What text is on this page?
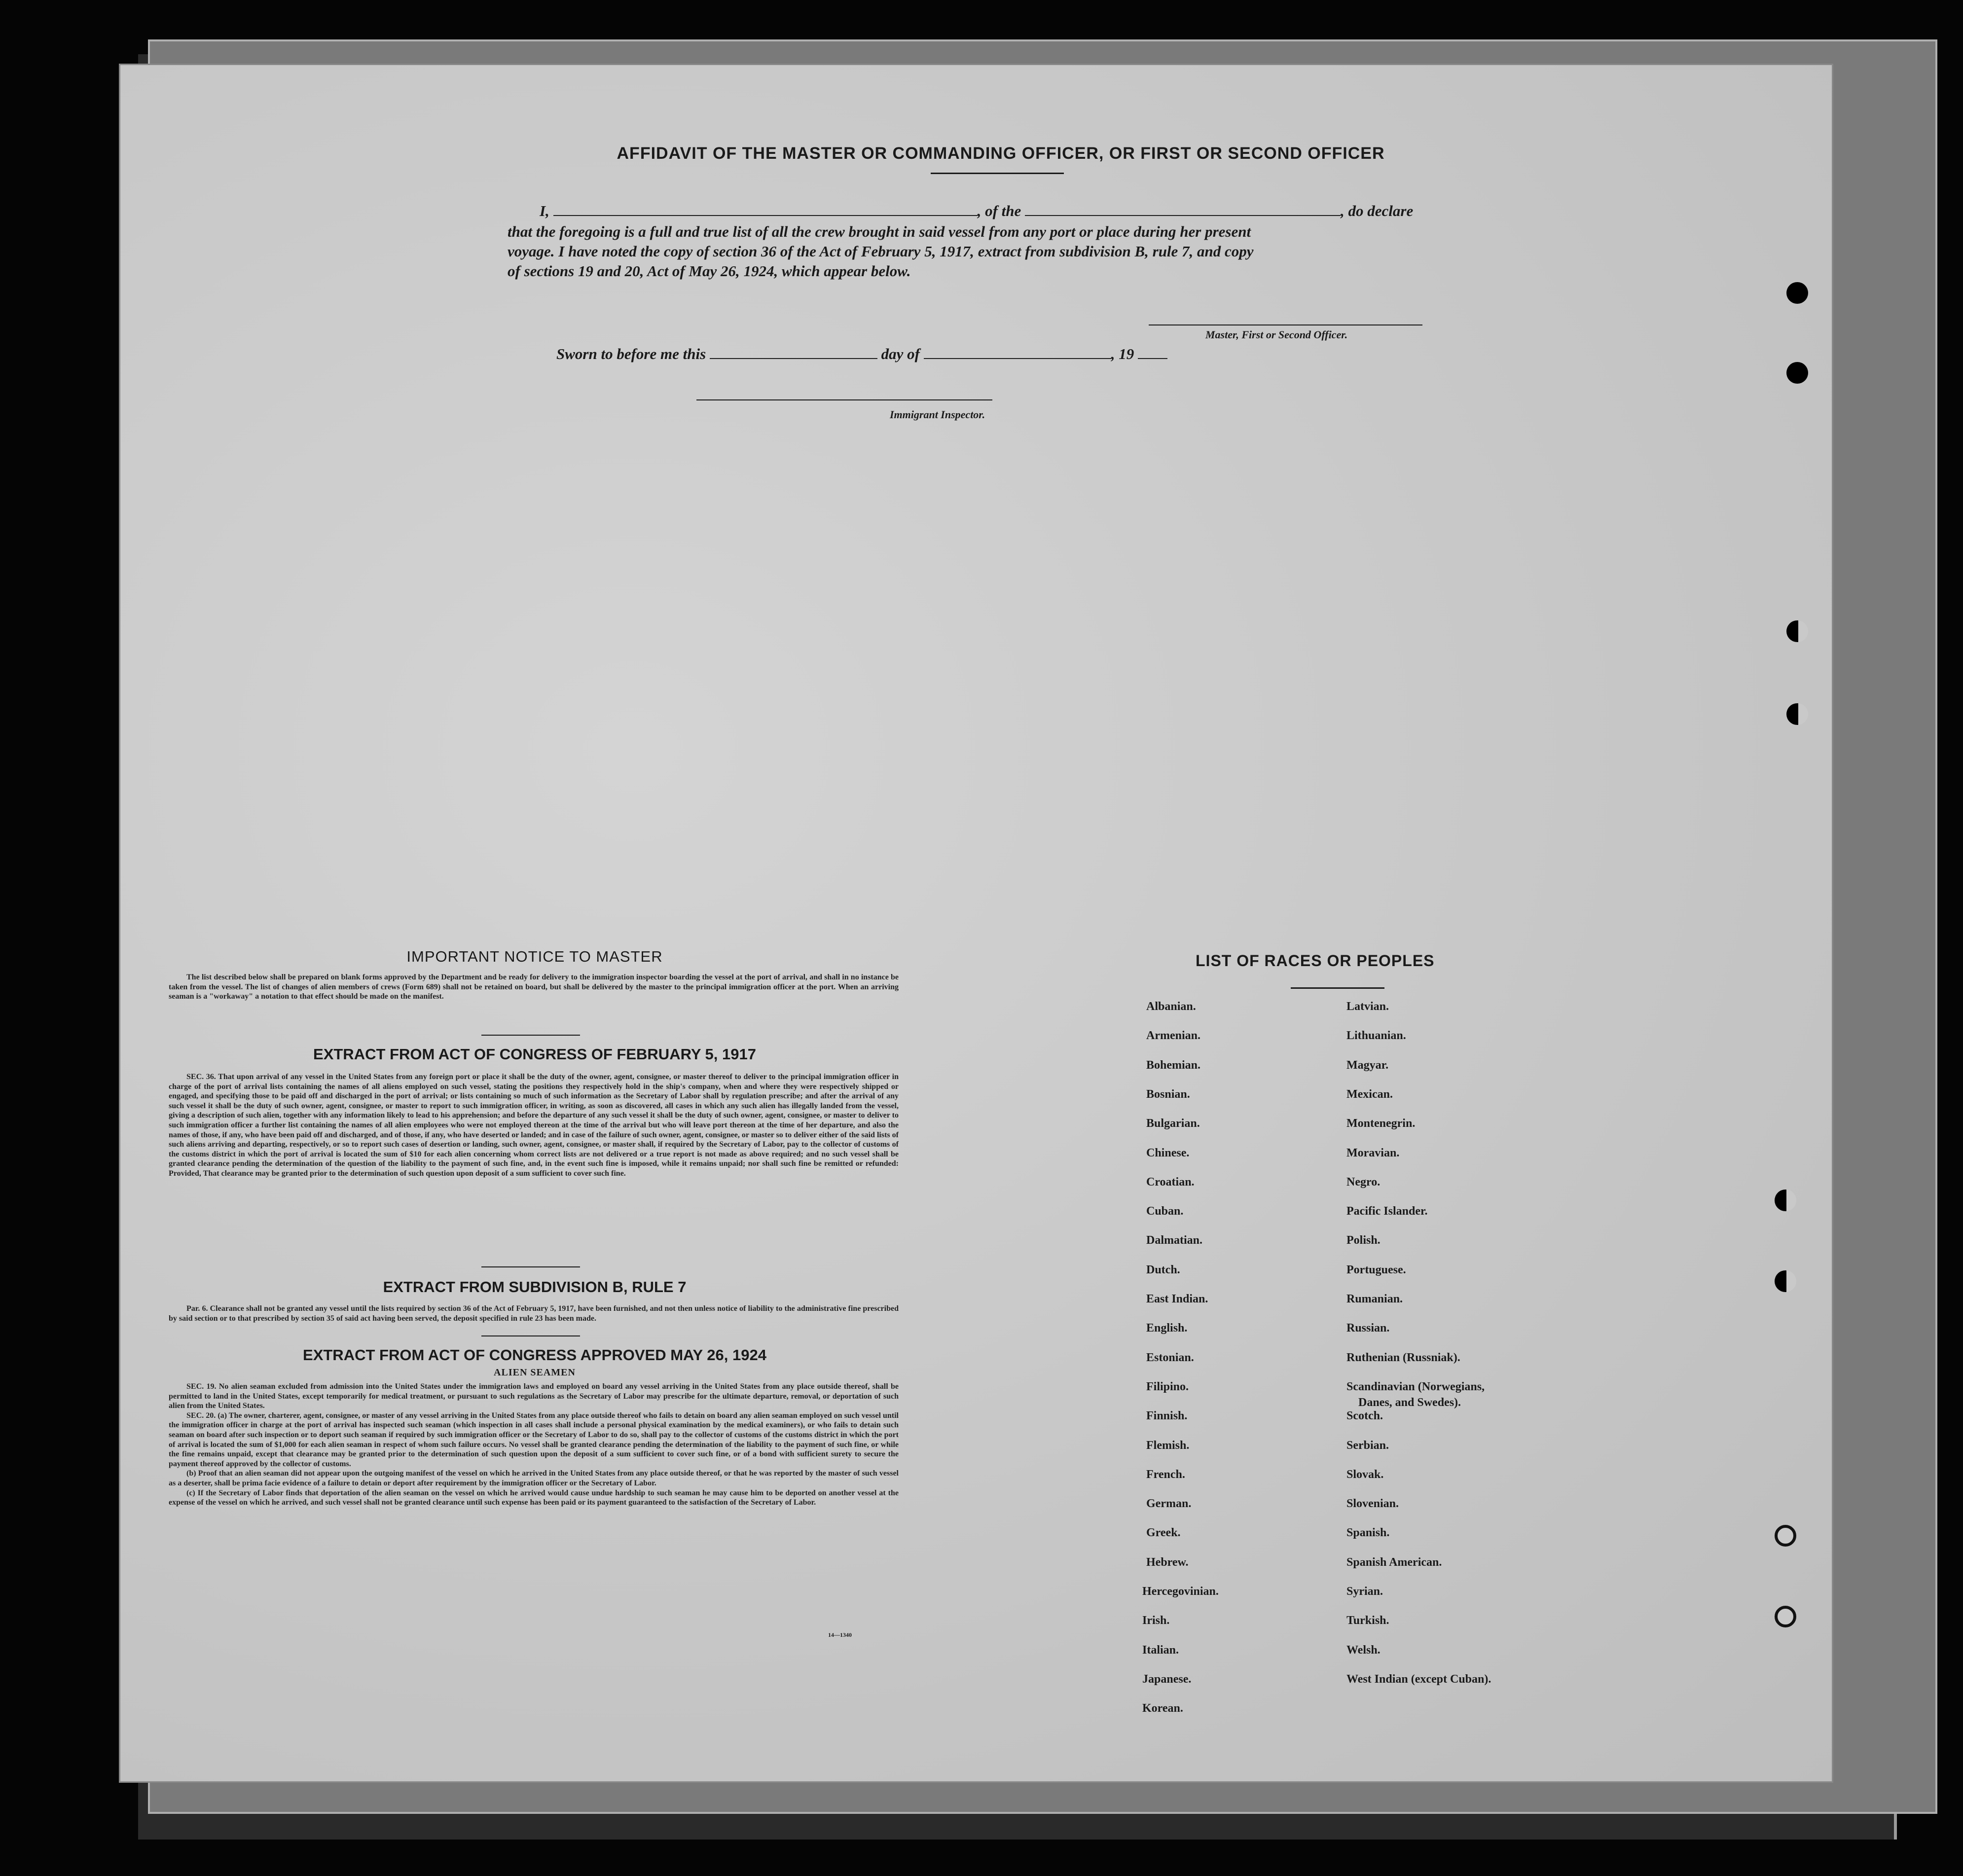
AFFIDAVIT OF THE MASTER OR COMMANDING OFFICER, OR FIRST OR SECOND OFFICER
I,	, of the	, do declare
that the foregoing is a full and true list of all the crew brought in said vessel from any port or place during her present
voyage. I have noted the copy of section 36 of the Act of February 5, 1917, extract from subdivision B, rule 7, and copy
of sections 19 and 20, Act of May 26, 1924, which appear below.
Master, First or Second Officer.
Sworn to before me this	day of	, 19
Immigrant Inspector.
IMPORTANT NOTICE TO MASTER

The list described below shall be prepared on blank forms approved by the Department and be ready for delivery to the immigration inspector boarding the vessel at the port of arrival, and shall in no instance be taken from the vessel. The list of changes of alien members of crews (Form 689) shall not be retained on board, but shall be delivered by the master to the principal immigration officer at the port. When an arriving seaman is a "workaway" a notation to that effect should be made on the manifest.

EXTRACT FROM ACT OF CONGRESS OF FEBRUARY 5, 1917

SEC. 36. That upon arrival of any vessel in the United States from any foreign port or place it shall be the duty of the owner, agent, consignee, or master thereof to deliver to the principal immigration officer in charge of the port of arrival lists containing the names of all aliens employed on such vessel, stating the positions they respectively hold in the ship's company, when and where they were respectively shipped or engaged, and specifying those to be paid off and discharged in the port of arrival; or lists containing so much of such information as the Secretary of Labor shall by regulation prescribe; and after the arrival of any such vessel it shall be the duty of such owner, agent, consignee, or master to report to such immigration officer, in writing, as soon as discovered, all cases in which any such alien has illegally landed from the vessel, giving a description of such alien, together with any information likely to lead to his apprehension; and before the departure of any such vessel it shall be the duty of such owner, agent, consignee, or master to deliver to such immigration officer a further list containing the names of all alien employees who were not employed thereon at the time of the arrival but who will leave port thereon at the time of her departure, and also the names of those, if any, who have been paid off and discharged, and of those, if any, who have deserted or landed; and in case of the failure of such owner, agent, consignee, or master so to deliver either of the said lists of such aliens arriving and departing, respectively, or so to report such cases of desertion or landing, such owner, agent, consignee, or master shall, if required by the Secretary of Labor, pay to the collector of customs of the customs district in which the port of arrival is located the sum of $10 for each alien concerning whom correct lists are not delivered or a true report is not made as above required; and no such vessel shall be granted clearance pending the determination of the question of the liability to the payment of such fine, and, in the event such fine is imposed, while it remains unpaid; nor shall such fine be remitted or refunded: Provided, That clearance may be granted prior to the determination of such question upon deposit of a sum sufficient to cover such fine.

EXTRACT FROM SUBDIVISION B, RULE 7

Par. 6. Clearance shall not be granted any vessel until the lists required by section 36 of the Act of February 5, 1917, have been furnished, and not then unless notice of liability to the administrative fine prescribed by said section or to that prescribed by section 35 of said act having been served, the deposit specified in rule 23 has been made.

EXTRACT FROM ACT OF CONGRESS APPROVED MAY 26, 1924
ALIEN SEAMEN

SEC. 19. No alien seaman excluded from admission into the United States under the immigration laws and employed on board any vessel arriving in the United States from any place outside thereof, shall be permitted to land in the United States, except temporarily for medical treatment, or pursuant to such regulations as the Secretary of Labor may prescribe for the ultimate departure, removal, or deportation of such alien from the United States.

SEC. 20. (a) The owner, charterer, agent, consignee, or master of any vessel arriving in the United States from any place outside thereof who fails to detain on board any alien seaman employed on such vessel until the immigration officer in charge at the port of arrival has inspected such seaman (which inspection in all cases shall include a personal physical examination by the medical examiners), or who fails to detain such seaman on board after such inspection or to deport such seaman if required by such immigration officer or the Secretary of Labor to do so, shall pay to the collector of customs of the customs district in which the port of arrival is located the sum of $1,000 for each alien seaman in respect of whom such failure occurs. No vessel shall be granted clearance pending the determination of the liability to the payment of such fine, or while the fine remains unpaid, except that clearance may be granted prior to the determination of such question upon the deposit of a sum sufficient to cover such fine, or of a bond with sufficient surety to secure the payment thereof approved by the collector of customs.

(b) Proof that an alien seaman did not appear upon the outgoing manifest of the vessel on which he arrived in the United States from any place outside thereof, or that he was reported by the master of such vessel as a deserter, shall be prima facie evidence of a failure to detain or deport after requirement by the immigration officer or the Secretary of Labor.

(c) If the Secretary of Labor finds that deportation of the alien seaman on the vessel on which he arrived would cause undue hardship to such seaman he may cause him to be deported on another vessel at the expense of the vessel on which he arrived, and such vessel shall not be granted clearance until such expense has been paid or its payment guaranteed to the satisfaction of the Secretary of Labor.

14—1340
LIST OF RACES OR PEOPLES
Albanian.
Armenian.
Bohemian.
Bosnian.
Bulgarian.
Chinese.
Croatian.
Cuban.
Dalmatian.
Dutch.
East Indian.
English.
Estonian.
Filipino.
Finnish.
Flemish.
French.
German.
Greek.
Hebrew.
Hercegovinian.
Irish.
Italian.
Japanese.
Korean.
Latvian.
Lithuanian.
Magyar.
Mexican.
Montenegrin.
Moravian.
Negro.
Pacific Islander.
Polish.
Portuguese.
Rumanian.
Russian.
Ruthenian (Russniak).
Scandinavian (Norwegians,
Danes, and Swedes).
Scotch.
Serbian.
Slovak.
Slovenian.
Spanish.
Spanish American.
Syrian.
Turkish.
Welsh.
West Indian (except Cuban).
